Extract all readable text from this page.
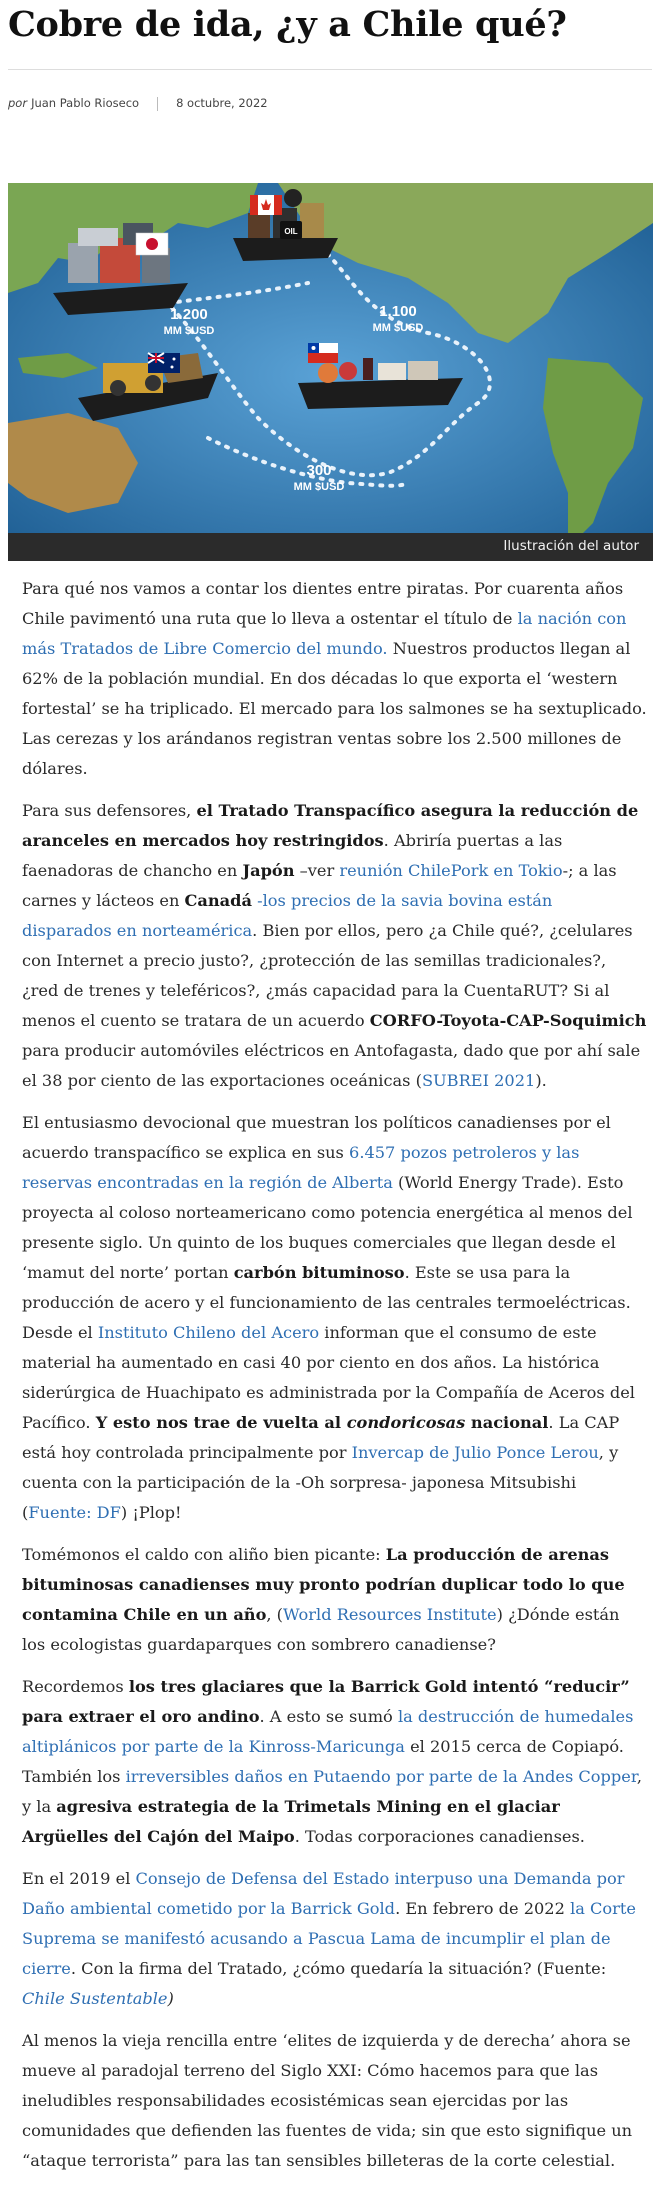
Cobre de ida, ¿y a Chile qué?
por Juan Pablo Rioseco	8 octubre, 2022
OIL
1.200
MM $USD
1.100
MM $USD
300
MM $USD
Ilustración del autor

Para qué nos vamos a contar los dientes entre piratas. Por cuarenta años Chile pavimentó una ruta que lo lleva a ostentar el título de la nación con más Tratados de Libre Comercio del mundo. Nuestros productos llegan al 62% de la población mundial. En dos décadas lo que exporta el ‘western fortestal’ se ha triplicado. El mercado para los salmones se ha sextuplicado. Las cerezas y los arándanos registran ventas sobre los 2.500 millones de dólares.

Para sus defensores, el Tratado Transpacífico asegura la reducción de aranceles en mercados hoy restringidos. Abriría puertas a las faenadoras de chancho en Japón –ver reunión ChilePork en Tokio-; a las carnes y lácteos en Canadá -los precios de la savia bovina están disparados en norteamérica. Bien por ellos, pero ¿a Chile qué?, ¿celulares con Internet a precio justo?, ¿protección de las semillas tradicionales?, ¿red de trenes y teleféricos?, ¿más capacidad para la CuentaRUT? Si al menos el cuento se tratara de un acuerdo CORFO-Toyota-CAP-Soquimich para producir automóviles eléctricos en Antofagasta, dado que por ahí sale el 38 por ciento de las exportaciones oceánicas (SUBREI 2021).

El entusiasmo devocional que muestran los políticos canadienses por el acuerdo transpacífico se explica en sus 6.457 pozos petroleros y las reservas encontradas en la región de Alberta (World Energy Trade). Esto proyecta al coloso norteamericano como potencia energética al menos del presente siglo. Un quinto de los buques comerciales que llegan desde el ‘mamut del norte’ portan carbón bituminoso. Este se usa para la producción de acero y el funcionamiento de las centrales termoeléctricas. Desde el Instituto Chileno del Acero informan que el consumo de este material ha aumentado en casi 40 por ciento en dos años. La histórica siderúrgica de Huachipato es administrada por la Compañía de Aceros del Pacífico. Y esto nos trae de vuelta al condoricosas nacional. La CAP está hoy controlada principalmente por Invercap de Julio Ponce Lerou, y cuenta con la participación de la -Oh sorpresa- japonesa Mitsubishi (Fuente: DF) ¡Plop!

Tomémonos el caldo con aliño bien picante: La producción de arenas bituminosas canadienses muy pronto podrían duplicar todo lo que contamina Chile en un año, (World Resources Institute) ¿Dónde están los ecologistas guardaparques con sombrero canadiense?

Recordemos los tres glaciares que la Barrick Gold intentó “reducir” para extraer el oro andino. A esto se sumó la destrucción de humedales altiplánicos por parte de la Kinross-Maricunga el 2015 cerca de Copiapó. También los irreversibles daños en Putaendo por parte de la Andes Copper, y la agresiva estrategia de la Trimetals Mining en el glaciar Argüelles del Cajón del Maipo. Todas corporaciones canadienses.

En el 2019 el Consejo de Defensa del Estado interpuso una Demanda por Daño ambiental cometido por la Barrick Gold. En febrero de 2022 la Corte Suprema se manifestó acusando a Pascua Lama de incumplir el plan de cierre. Con la firma del Tratado, ¿cómo quedaría la situación? (Fuente: Chile Sustentable)

Al menos la vieja rencilla entre ‘elites de izquierda y de derecha’ ahora se mueve al paradojal terreno del Siglo XXI: Cómo hacemos para que las ineludibles responsabilidades ecosistémicas sean ejercidas por las comunidades que defienden las fuentes de vida; sin que esto signifique un “ataque terrorista” para las tan sensibles billeteras de la corte celestial.
